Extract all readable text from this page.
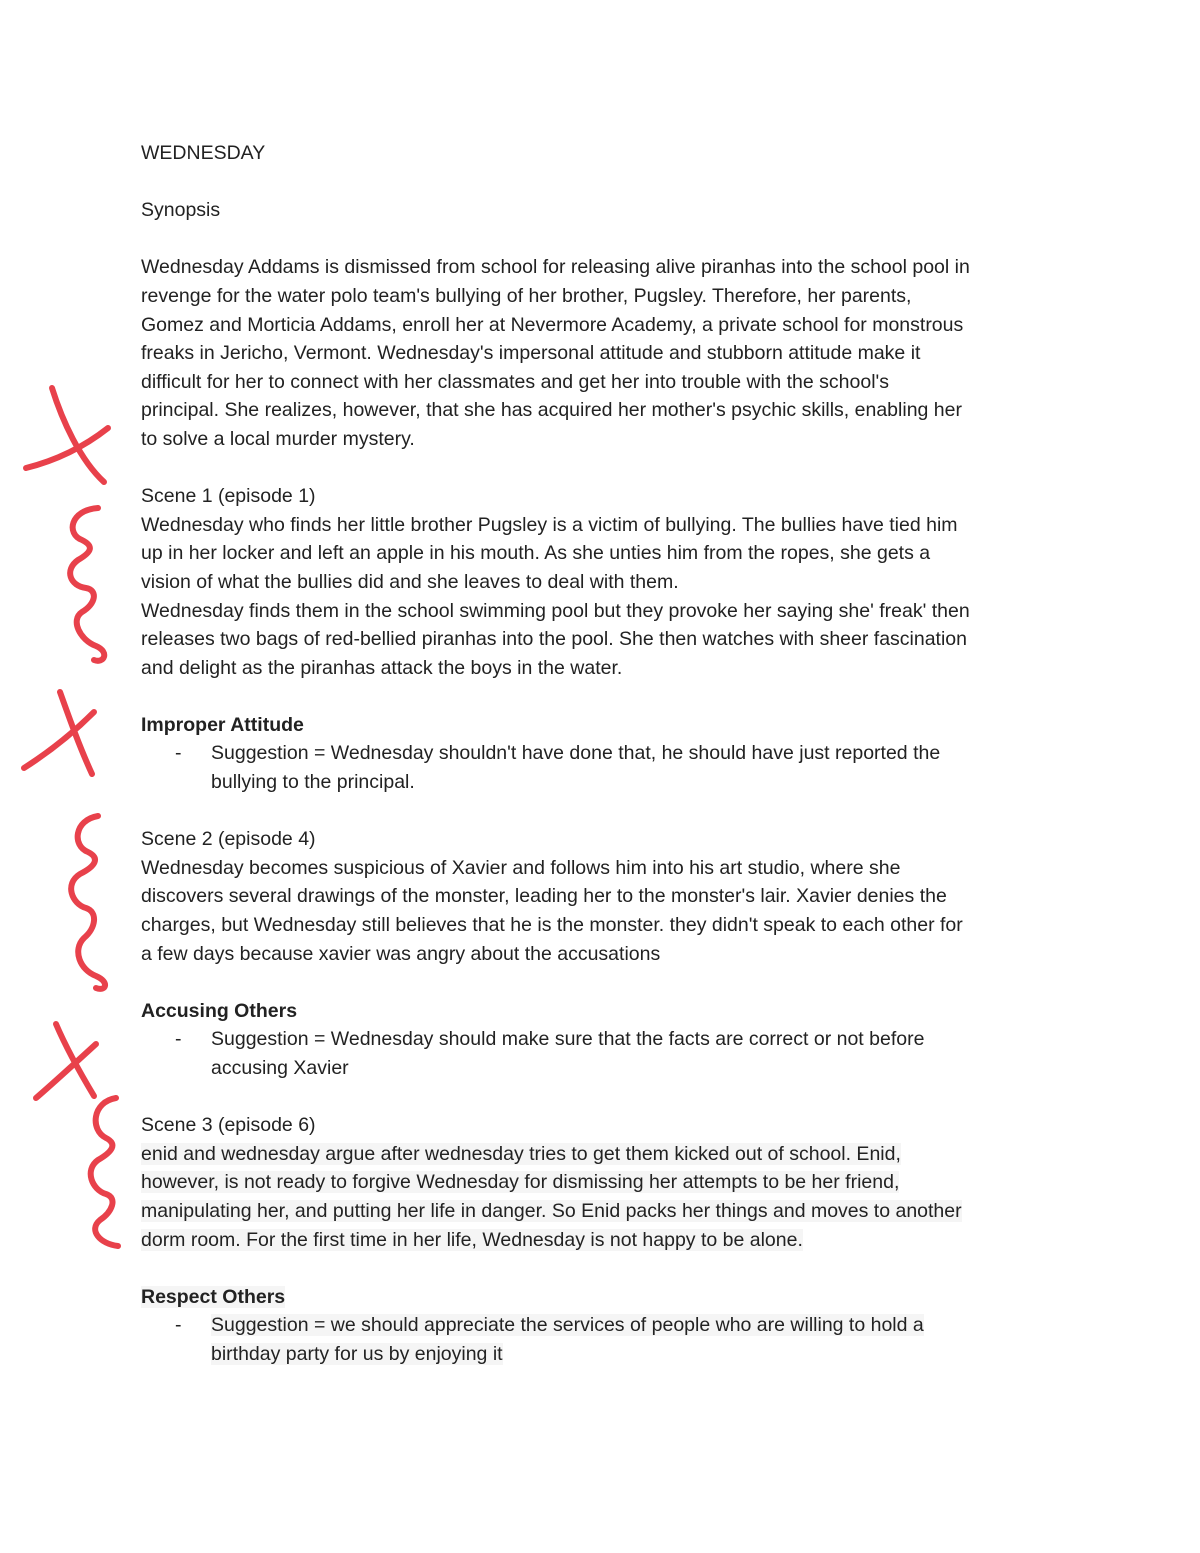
WEDNESDAY

Synopsis

Wednesday Addams is dismissed from school for releasing alive piranhas into the school pool in

revenge for the water polo team's bullying of her brother, Pugsley. Therefore, her parents,

Gomez and Morticia Addams, enroll her at Nevermore Academy, a private school for monstrous

freaks in Jericho, Vermont. Wednesday's impersonal attitude and stubborn attitude make it

difficult for her to connect with her classmates and get her into trouble with the school's

principal. She realizes, however, that she has acquired her mother's psychic skills, enabling her

to solve a local murder mystery.

Scene 1 (episode 1)

Wednesday who finds her little brother Pugsley is a victim of bullying. The bullies have tied him

up in her locker and left an apple in his mouth. As she unties him from the ropes, she gets a

vision of what the bullies did and she leaves to deal with them.

Wednesday finds them in the school swimming pool but they provoke her saying she' freak' then

releases two bags of red-bellied piranhas into the pool. She then watches with sheer fascination

and delight as the piranhas attack the boys in the water.

Improper Attitude

- Suggestion = Wednesday shouldn't have done that, he should have just reported the

bullying to the principal.

Scene 2 (episode 4)

Wednesday becomes suspicious of Xavier and follows him into his art studio, where she

discovers several drawings of the monster, leading her to the monster's lair. Xavier denies the

charges, but Wednesday still believes that he is the monster. they didn't speak to each other for

a few days because xavier was angry about the accusations

Accusing Others

- Suggestion = Wednesday should make sure that the facts are correct or not before

accusing Xavier

Scene 3 (episode 6)

enid and wednesday argue after wednesday tries to get them kicked out of school. Enid,

however, is not ready to forgive Wednesday for dismissing her attempts to be her friend,

manipulating her, and putting her life in danger. So Enid packs her things and moves to another

dorm room. For the first time in her life, Wednesday is not happy to be alone.

Respect Others

- Suggestion = we should appreciate the services of people who are willing to hold a

birthday party for us by enjoying it
